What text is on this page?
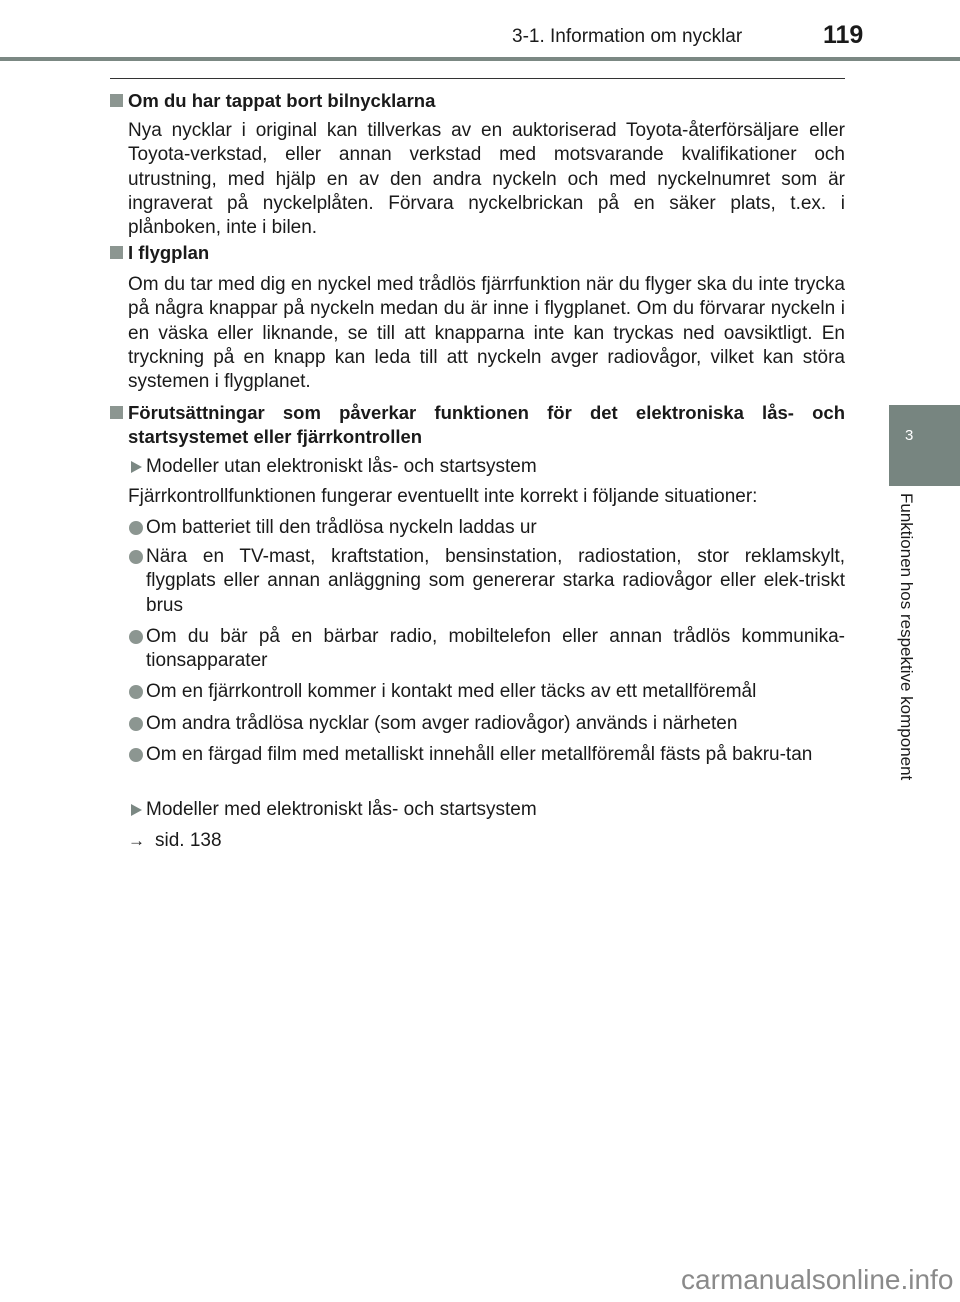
3-1. Information om nycklar	119
3
Funktionen hos respektive komponent
Om du har tappat bort bilnycklarna
Nya nycklar i original kan tillverkas av en auktoriserad Toyota-återförsäljare eller Toyota-verkstad, eller annan verkstad med motsvarande kvalifikationer och utrustning, med hjälp en av den andra nyckeln och med nyckelnumret som är ingraverat på nyckelplåten. Förvara nyckelbrickan på en säker plats, t.ex. i plånboken, inte i bilen.
I flygplan
Om du tar med dig en nyckel med trådlös fjärrfunktion när du flyger ska du inte trycka på några knappar på nyckeln medan du är inne i flygplanet. Om du förvarar nyckeln i en väska eller liknande, se till att knapparna inte kan tryckas ned oavsiktligt. En tryckning på en knapp kan leda till att nyckeln avger radiovågor, vilket kan störa systemen i flygplanet.
Förutsättningar som påverkar funktionen för det elektroniska lås- och startsystemet eller fjärrkontrollen
Modeller utan elektroniskt lås- och startsystem
Fjärrkontrollfunktionen fungerar eventuellt inte korrekt i följande situationer:
Om batteriet till den trådlösa nyckeln laddas ur
Nära en TV-mast, kraftstation, bensinstation, radiostation, stor reklamskylt, flygplats eller annan anläggning som genererar starka radiovågor eller elek-triskt brus
Om du bär på en bärbar radio, mobiltelefon eller annan trådlös kommunika-tionsapparater
Om en fjärrkontroll kommer i kontakt med eller täcks av ett metallföremål
Om andra trådlösa nycklar (som avger radiovågor) används i närheten
Om en färgad film med metalliskt innehåll eller metallföremål fästs på bakru-tan
Modeller med elektroniskt lås- och startsystem
→ sid. 138
carmanualsonline.info
